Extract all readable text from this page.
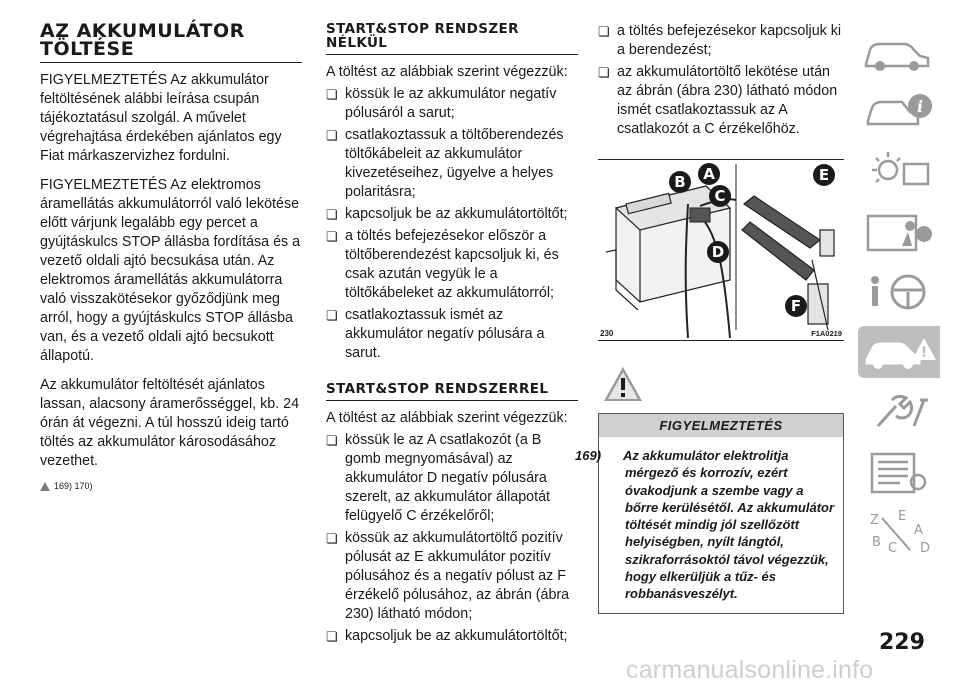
AZ AKKUMULÁTOR TÖLTÉSE

FIGYELMEZTETÉS Az akkumulátor feltöltésének alábbi leírása csupán tájékoztatásul szolgál. A művelet végrehajtása érdekében ajánlatos egy Fiat márkaszervizhez fordulni.

FIGYELMEZTETÉS Az elektromos áramellátás akkumulátorról való lekötése előtt várjunk legalább egy percet a gyújtáskulcs STOP állásba fordítása és a vezető oldali ajtó becsukása után. Az elektromos áramellátás akkumulátorra való visszakötésekor győződjünk meg arról, hogy a gyújtáskulcs STOP állásba van, és a vezető oldali ajtó becsukott állapotú.

Az akkumulátor feltöltését ajánlatos lassan, alacsony áramerősséggel, kb. 24 órán át végezni. A túl hosszú ideig tartó töltés az akkumulátor károsodásához vezethet.

169) 170)
START&STOP RENDSZER NÉLKÜL

A töltést az alábbiak szerint végezzük:

❏ kössük le az akkumulátor negatív pólusáról a sarut;
❏ csatlakoztassuk a töltőberendezés töltőkábeleit az akkumulátor kivezetéseihez, ügyelve a helyes polaritásra;
❏ kapcsoljuk be az akkumulátortöltőt;
❏ a töltés befejezésekor először a töltőberendezést kapcsoljuk ki, és csak azután vegyük le a töltőkábeleket az akkumulátorról;
❏ csatlakoztassuk ismét az akkumulátor negatív pólusára a sarut.
START&STOP RENDSZERREL

A töltést az alábbiak szerint végezzük:

❏ kössük le az A csatlakozót (a B gomb megnyomásával) az akkumulátor D negatív pólusára szerelt, az akkumulátor állapotát felügyelő C érzékelőről;
❏ kössük az akkumulátortöltő pozitív pólusát az E akkumulátor pozitív pólusához és a negatív pólust az F érzékelő pólusához, az ábrán (ábra 230) látható módon;
❏ kapcsoljuk be az akkumulátortöltőt;
❏ a töltés befejezésekor kapcsoljuk ki a berendezést;
❏ az akkumulátortöltő lekötése után az ábrán (ábra 230) látható módon ismét csatlakoztassuk az A csatlakozót a C érzékelőhöz.
B A
C
D
E
F
230	F1A0219
FIGYELMEZTETÉS
169) Az akkumulátor elektrolitja mérgező és korrozív, ezért óvakodjunk a szembe vagy a bőrre kerülésétől. Az akkumulátor töltését mindig jól szellőzött helyiségben, nyílt lángtól, szikraforrásoktól távol végezzük, hogy elkerüljük a tűz- és robbanásveszélyt.
i
!
Z E
A
B C D
229
carmanualsonline.info
